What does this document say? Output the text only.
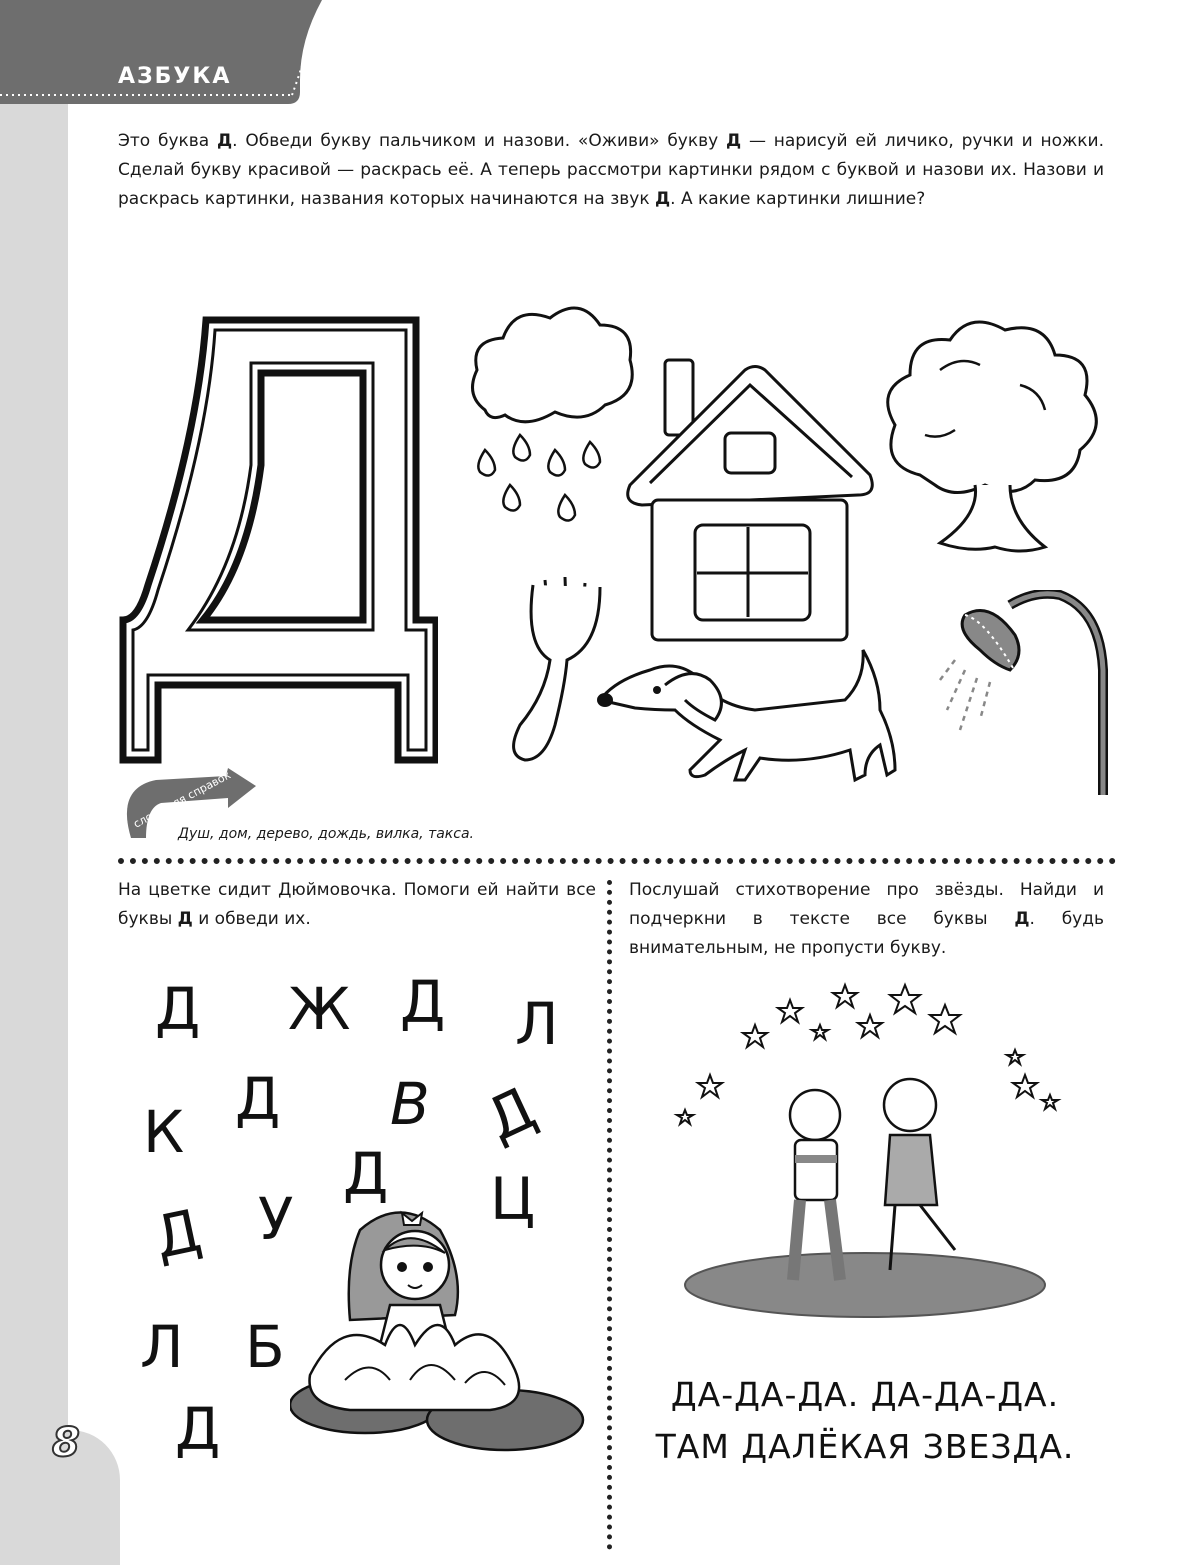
АЗБУКА
8
Это буква Д. Обведи букву пальчиком и назови. «Оживи» букву Д — нарисуй ей личико, ручки и ножки. Сделай букву красивой — раскрась её. А теперь рассмотри картинки рядом с буквой и назови их. Назови и раскрась картинки, названия которых начинаются на звук Д. А какие картинки лишние?
слова для справок
Душ, дом, дерево, дождь, вилка, такса.
На цветке сидит Дюймовочка. Помоги ей найти все буквы Д и обведи их.
Д Ж Д Л
Д
К	В Д
Д Ц
Д У
Л Б
Д
Послушай стихотворение про звёзды. Найди и подчеркни в тексте все буквы Д. будь внимательным, не пропусти букву.
ДА-ДА-ДА. ДА-ДА-ДА.
ТАМ ДАЛЁКАЯ ЗВЕЗДА.
